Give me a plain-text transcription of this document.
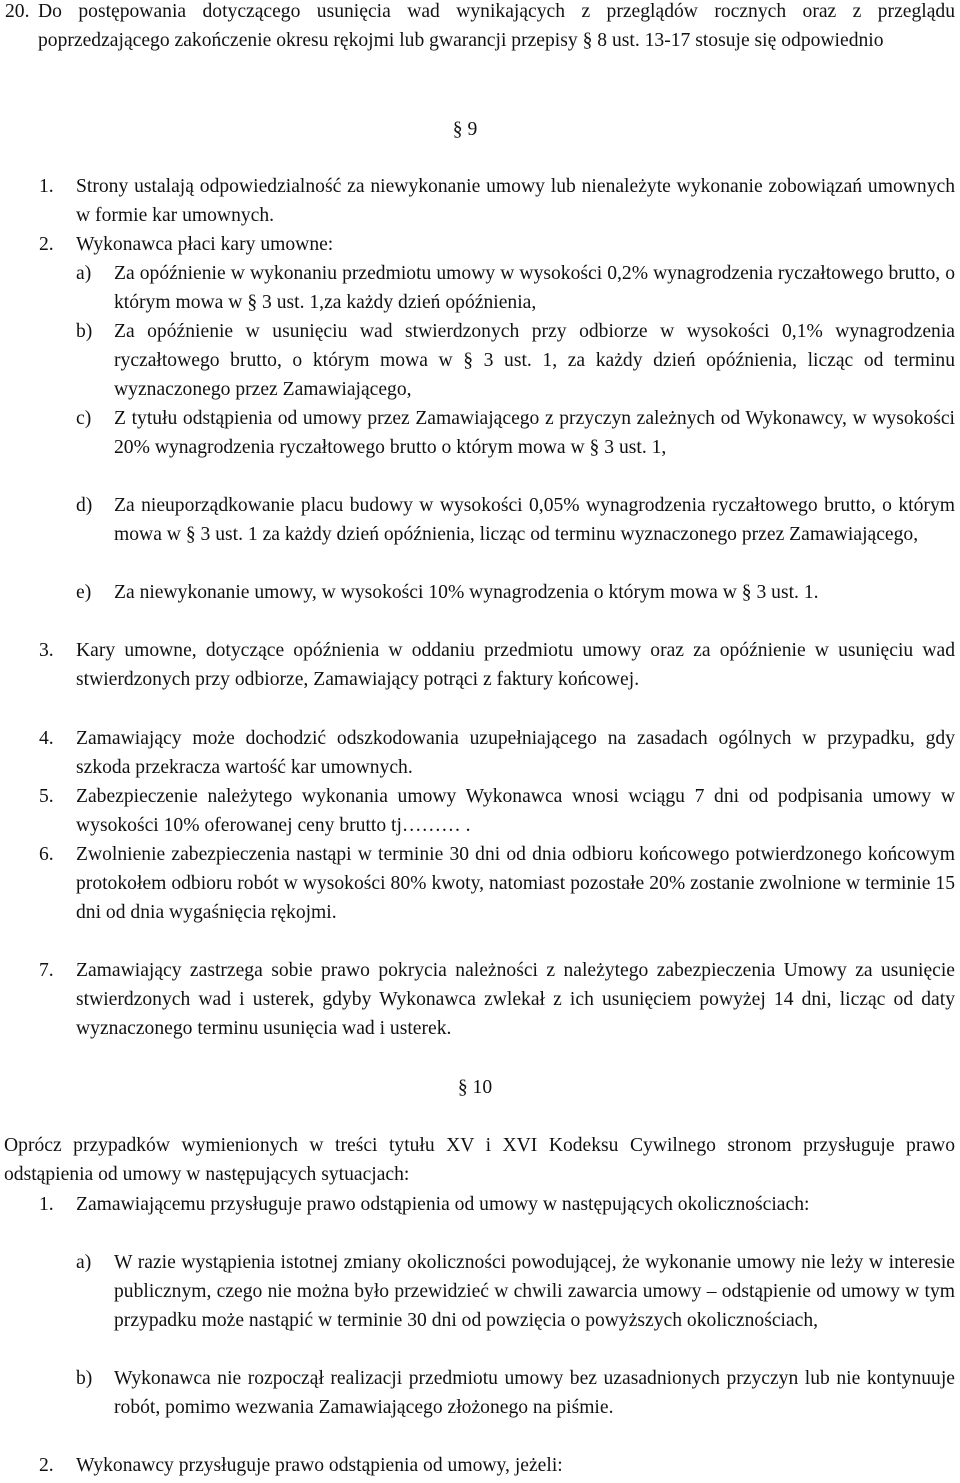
20. Do postępowania dotyczącego usunięcia wad wynikających z przeglądów rocznych oraz z przeglądu poprzedzającego zakończenie okresu rękojmi lub gwarancji przepisy § 8 ust. 13-17 stosuje się odpowiednio
§ 9
1. Strony ustalają odpowiedzialność za niewykonanie umowy lub nienależyte wykonanie zobowiązań umownych w formie kar umownych.
2. Wykonawca płaci kary umowne:
a) Za opóźnienie w wykonaniu przedmiotu umowy w wysokości 0,2% wynagrodzenia ryczałtowego brutto, o którym mowa w § 3 ust. 1,za każdy dzień opóźnienia,
b) Za opóźnienie w usunięciu wad stwierdzonych przy odbiorze w wysokości 0,1% wynagrodzenia ryczałtowego brutto, o którym mowa w § 3 ust. 1, za każdy dzień opóźnienia, licząc od terminu wyznaczonego przez Zamawiającego,
c) Z tytułu odstąpienia od umowy przez Zamawiającego z przyczyn zależnych od Wykonawcy, w wysokości 20% wynagrodzenia ryczałtowego brutto o którym mowa w § 3 ust. 1,
d) Za nieuporządkowanie placu budowy w wysokości 0,05% wynagrodzenia ryczałtowego brutto, o którym mowa w § 3 ust. 1 za każdy dzień opóźnienia, licząc od terminu wyznaczonego przez Zamawiającego,
e) Za niewykonanie umowy, w wysokości 10% wynagrodzenia o którym mowa w § 3 ust. 1.
3. Kary umowne, dotyczące opóźnienia w oddaniu przedmiotu umowy oraz za opóźnienie w usunięciu wad stwierdzonych przy odbiorze, Zamawiający potrąci z faktury końcowej.
4. Zamawiający może dochodzić odszkodowania uzupełniającego na zasadach ogólnych w przypadku, gdy szkoda przekracza wartość kar umownych.
5. Zabezpieczenie należytego wykonania umowy Wykonawca wnosi wciągu 7 dni od podpisania umowy w wysokości 10% oferowanej ceny brutto tj……… .
6. Zwolnienie zabezpieczenia nastąpi w terminie 30 dni od dnia odbioru końcowego potwierdzonego końcowym protokołem odbioru robót w wysokości 80% kwoty, natomiast pozostałe 20% zostanie zwolnione w terminie 15 dni od dnia wygaśnięcia rękojmi.
7. Zamawiający zastrzega sobie prawo pokrycia należności z należytego zabezpieczenia Umowy za usunięcie stwierdzonych wad i usterek, gdyby Wykonawca zwlekał z ich usunięciem powyżej 14 dni, licząc od daty wyznaczonego terminu usunięcia wad i usterek.
§ 10
Oprócz przypadków wymienionych w treści tytułu XV i XVI Kodeksu Cywilnego stronom przysługuje prawo odstąpienia od umowy w następujących sytuacjach:
1. Zamawiającemu przysługuje prawo odstąpienia od umowy w następujących okolicznościach:
a) W razie wystąpienia istotnej zmiany okoliczności powodującej, że wykonanie umowy nie leży w interesie publicznym, czego nie można było przewidzieć w chwili zawarcia umowy – odstąpienie od umowy w tym przypadku może nastąpić w terminie 30 dni od powzięcia o powyższych okolicznościach,
b) Wykonawca nie rozpoczął realizacji przedmiotu umowy bez uzasadnionych przyczyn lub nie kontynuuje robót, pomimo wezwania Zamawiającego złożonego na piśmie.
2. Wykonawcy przysługuje prawo odstąpienia od umowy, jeżeli:
